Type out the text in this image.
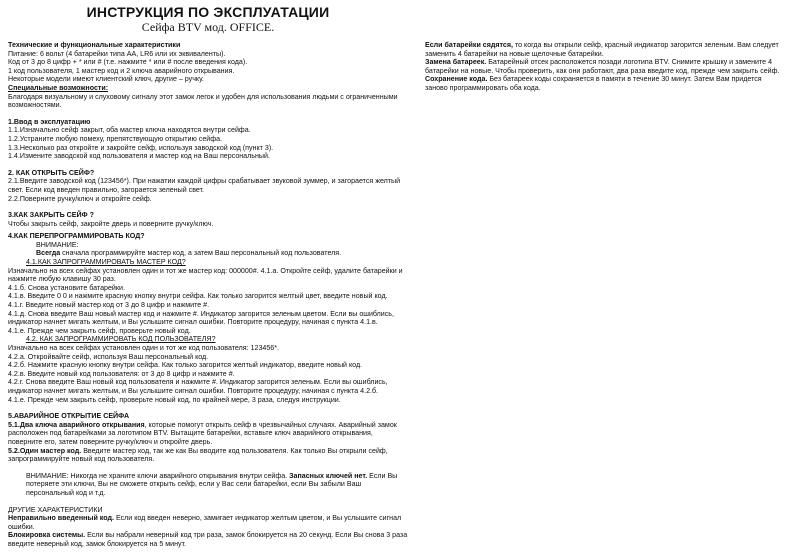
ИНСТРУКЦИЯ ПО ЭКСПЛУАТАЦИИ
Сейфа BTV мод. OFFICE.

Технические и функциональные характеристики

Питание: 6 вольт (4 батарейки типа АА, LR6 или их эквиваленты).

Код от 3 до 8 цифр + * или # (т.е. нажмите * или # после введения кода).

1 код пользователя, 1 мастер код и 2 ключа аварийного открывания.

Некоторые модели имеют клиентский ключ, другие – ручку.

Специальные возможности:

Благодаря визуальному и слуховому сигналу этот замок легок и удобен для использования людьми с ограниченными возможностями.

1.Ввод в эксплуатацию

1.1.Изначально сейф закрыт, оба мастер ключа находятся внутри сейфа.

1.2.Устраните любую помеху, препятствующую открытию сейфа.

1.3.Несколько раз откройте и закройте сейф, используя заводской код (пункт 3).

1.4.Измените заводской код пользователя и мастер код на Ваш персональный.

2. КАК ОТКРЫТЬ СЕЙФ?

2.1.Введите заводской код (123456*). При нажатии каждой цифры срабатывает звуковой зуммер, и загорается желтый свет. Если код введен правильно, загорается зеленый свет.

2.2.Поверните ручку/ключ и откройте сейф.

3.КАК ЗАКРЫТЬ СЕЙФ ?

Чтобы закрыть сейф, закройте дверь и поверните ручку/ключ.

4.КАК ПЕРЕПРОГРАММИРОВАТЬ КОД?

ВНИМАНИЕ:

Всегда сначала программируйте мастер код, а затем Ваш персональный код пользователя.

4.1.КАК ЗАПРОГРАММИРОВАТЬ МАСТЕР КОД?

Изначально на всех сейфах установлен один и тот же мастер код: 000000#. 4.1.а. Откройте сейф, удалите батарейки и нажмите любую клавишу 30 раз.

4.1.б. Снова установите батарейки.

4.1.в. Введите 0 0 и нажмите красную кнопку внутри сейфа. Как только загорится желтый цвет, введите новый код.

4.1.г. Введите новый мастер код от 3 до 8 цифр и нажмите #.

4.1.д. Снова введите Ваш новый мастер код и нажмите #. Индикатор загорится зеленым цветом. Если вы ошиблись, индикатор начнет мигать желтым, и Вы услышите сигнал ошибки. Повторите процедуру, начиная с пункта 4.1.в.

4.1.е. Прежде чем закрыть сейф, проверьте новый код.

4.2. КАК ЗАПРОГРАММИРОВАТЬ КОД ПОЛЬЗОВАТЕЛЯ?

Изначально на всех сейфах установлен один и тот же код пользователя: 123456*.

4.2.а. Откройвайте сейф, используя Ваш персональный код.

4.2.б. Нажмите красную кнопку внутри сейфа. Как только загорится желтый индикатор, введите новый код.

4.2.в. Введите новый код пользователя: от 3 до 8 цифр и нажмите #.

4.2.г. Снова введите Ваш новый код пользователя и нажмите #. Индикатор загорится зеленым. Если вы ошиблись, индикатор начнет мигать желтым, и Вы услышите сигнал ошибки. Повторите процедуру, начиная с пункта 4.2.б.

4.1.е. Прежде чем закрыть сейф, проверьте новый код, по крайней мере, 3 раза, следуя инструкции.

5.АВАРИЙНОЕ ОТКРЫТИЕ СЕЙФА

5.1.Два ключа аварийного открывания, которые помогут открыть сейф в чрезвычайных случаях. Аварийный замок расположен под батарейками за логотипом BTV. Вытащите батарейки, вставьте ключ аварийного открывания, поверните его, затем поверните ручку/ключ и откройте дверь.

5.2.Один мастер код. Введите мастер код, так же как Вы вводите код пользователя. Как только Вы открыли сейф, запрограммируйте новый код пользователя.

ВНИМАНИЕ: Никогда не храните ключи аварийного открывания внутри сейфа. Запасных ключей нет. Если Вы потеряете эти ключи, Вы не сможете открыть сейф, если у Вас сели батарейки, если Вы забыли Ваш персональный код и т.д.

ДРУГИЕ ХАРАКТЕРИСТИКИ

Неправильно введенный код. Если код введен неверно, замигает индикатор желтым цветом, и Вы услышите сигнал ошибки.

Блокировка системы. Если вы набрали неверный код три раза, замок блокируется на 20 секунд. Если Вы снова 3 раза введите неверный код, замок блокируется на 5 минут.

Если батарейки сядятся, то когда вы открыли сейф, красный индикатор загорится зеленым. Вам следует заменить 4 батарейки на новые щелочные батарейки.

Замена батареек. Батарейный отсек расположется позади логотипа BTV. Снимите крышку и замените 4 батарейки на новые. Чтобы проверить, как они работают, два раза введите код, прежде чем закрыть сейф.

Сохранение кода. Без батареек коды сохраняется в памяти в течение 30 минут. Затем Вам придется заново программировать оба кода.
